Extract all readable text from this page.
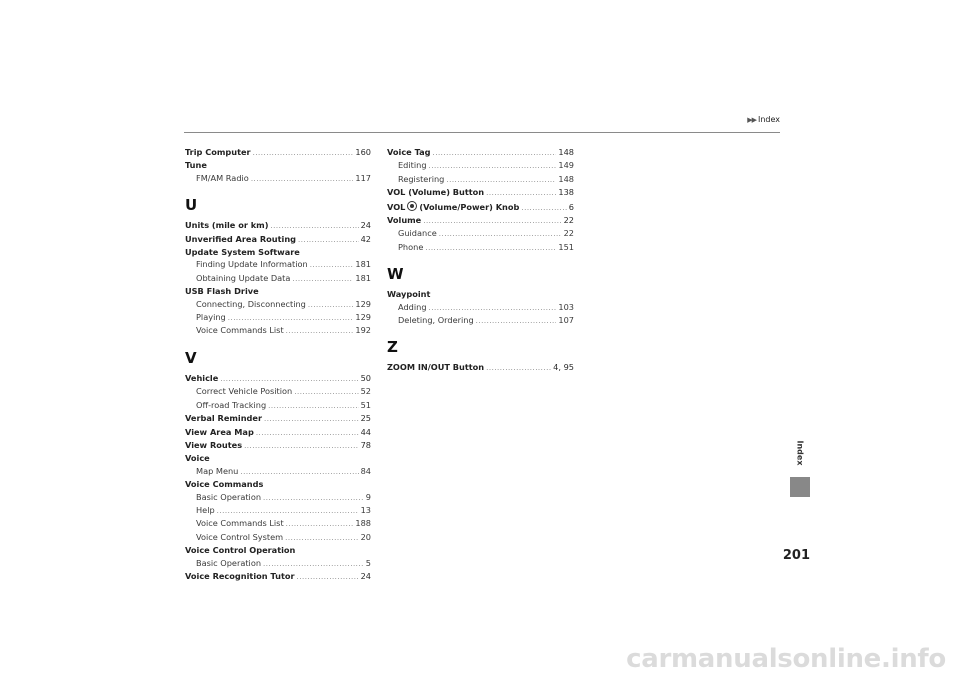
▶▶ Index
Trip Computer .....	160
Tune
FM/AM Radio .....	117
U
Units (mile or km) .....	24
Unverified Area Routing .....	42
Update System Software
Finding Update Information .....	181
Obtaining Update Data .....	181
USB Flash Drive
Connecting, Disconnecting .....	129
Playing .....	129
Voice Commands List .....	192
V
Vehicle .....	50
Correct Vehicle Position .....	52
Off-road Tracking .....	51
Verbal Reminder .....	25
View Area Map .....	44
View Routes .....	78
Voice
Map Menu .....	84
Voice Commands
Basic Operation .....	9
Help .....	13
Voice Commands List .....	188
Voice Control System .....	20
Voice Control Operation
Basic Operation .....	5
Voice Recognition Tutor .....	24
Voice Tag .....	148
Editing .....	149
Registering .....	148
VOL (Volume) Button .....	138
VOL (Volume/Power) Knob .....	6
Volume .....	22
Guidance .....	22
Phone .....	151
W
Waypoint
Adding .....	103
Deleting, Ordering .....	107
Z
ZOOM IN/OUT Button .....	4, 95
Index
201
carmanualsonline.info
